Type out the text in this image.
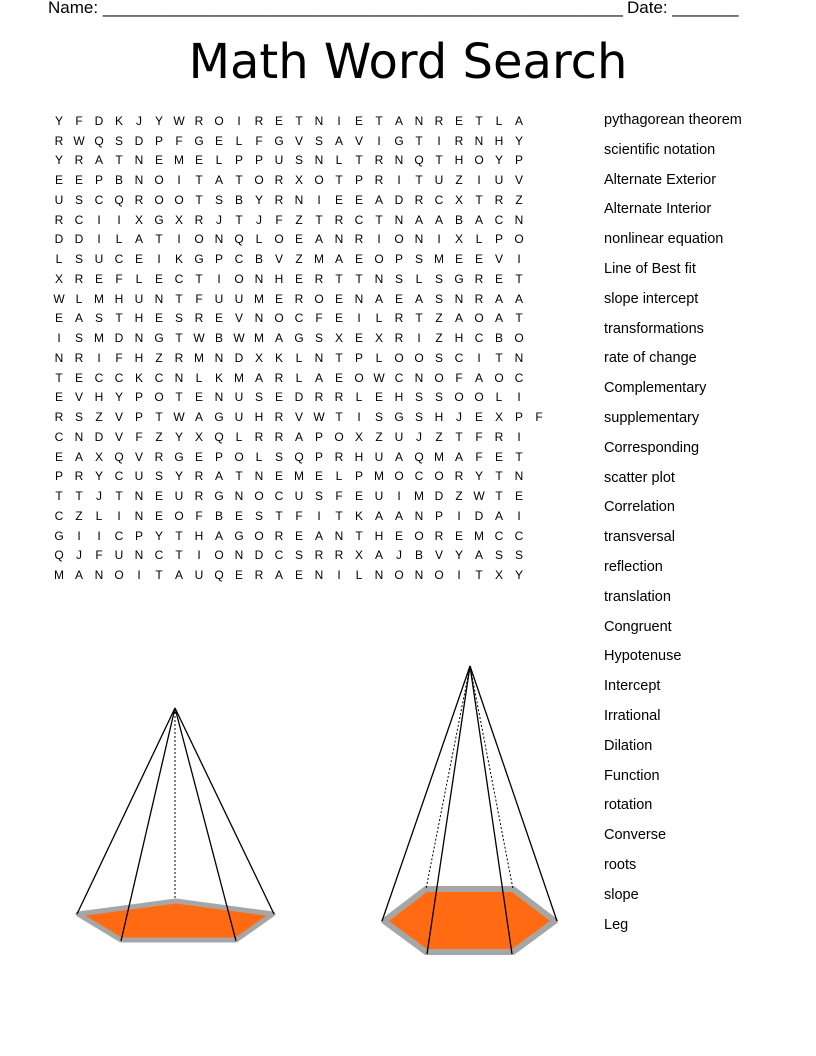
Name: _______________________________________________________ Date: _______
Math Word Search
Y	F D K	J	Y W R O	I	R E	T N	I	E	T	A N R E	T	L	A
R W Q S D P	F G E	L	F G V S A V	I	G T	I	R N H Y
Y R A	T N E M E	L	P P U S N	L	T R N Q T H O Y P
E E P B N O	I	T	A	T O R X O T	P R	I	T U	Z	I	U V
U S C Q R O O T	S B Y R N	I	E E A D R C X	T R	Z
R C	I	I	X G X R	J	T	J	F	Z	T R C	T N A A B A C N
D D	I	L	A	T	I	O N Q L O E A N R	I	O N	I	X	L	P O
L	S U C E	I	K G P C B V	Z M A E O P S M E E V	I
X R E	F	L	E C	T	I	O N H E R	T	T N S	L	S G R E	T
W L M H U N	T	F U U M E R O E N A E A S N R A A
E A S	T H E S R E V N O C	F	E	I	L	R	T	Z	A O A	T
I	S M D N G T W B W M A G S X E X R	I	Z H C B O
N R	I	F H	Z R M N D X K	L	N	T	P	L O O S C	I	T N
T	E C C K C N	L	K M A R	L	A E O W C N O F	A O C
E V H Y P O T	E N U S E D R R	L	E H S S O O L	I
R S	Z	V P	T W A G U H R V W T	I	S G S H	J	E X P	F
C N D V	F	Z	Y X Q L	R R A P O X	Z U	J	Z	T	F R	I
E A X Q V R G E P O L	S Q P R H U A Q M A	F	E	T
P R Y C U S Y R A	T N E M E	L	P M O C O R Y	T N
T	T	J	T N E U R G N O C U S	F	E U	I	M D	Z W T	E
C	Z	L	I	N E O F	B E S	T	F	I	T	K A A N P	I	D A	I
G	I	I	C P Y	T H A G O R E A N	T H E O R E M C C
Q	J	F U N C	T	I	O N D C S R R X A	J	B V Y A S S
M A N O	I	T	A U Q E R A E N	I	L	N O N O	I	T	X Y
pythagorean theorem
scientific notation
Alternate Exterior
Alternate Interior
nonlinear equation
Line of Best fit
slope intercept
transformations
rate of change
Complementary
supplementary
Corresponding
scatter plot
Correlation
transversal
reflection
translation
Congruent
Hypotenuse
Intercept
Irrational
Dilation
Function
rotation
Converse
roots
slope
Leg
